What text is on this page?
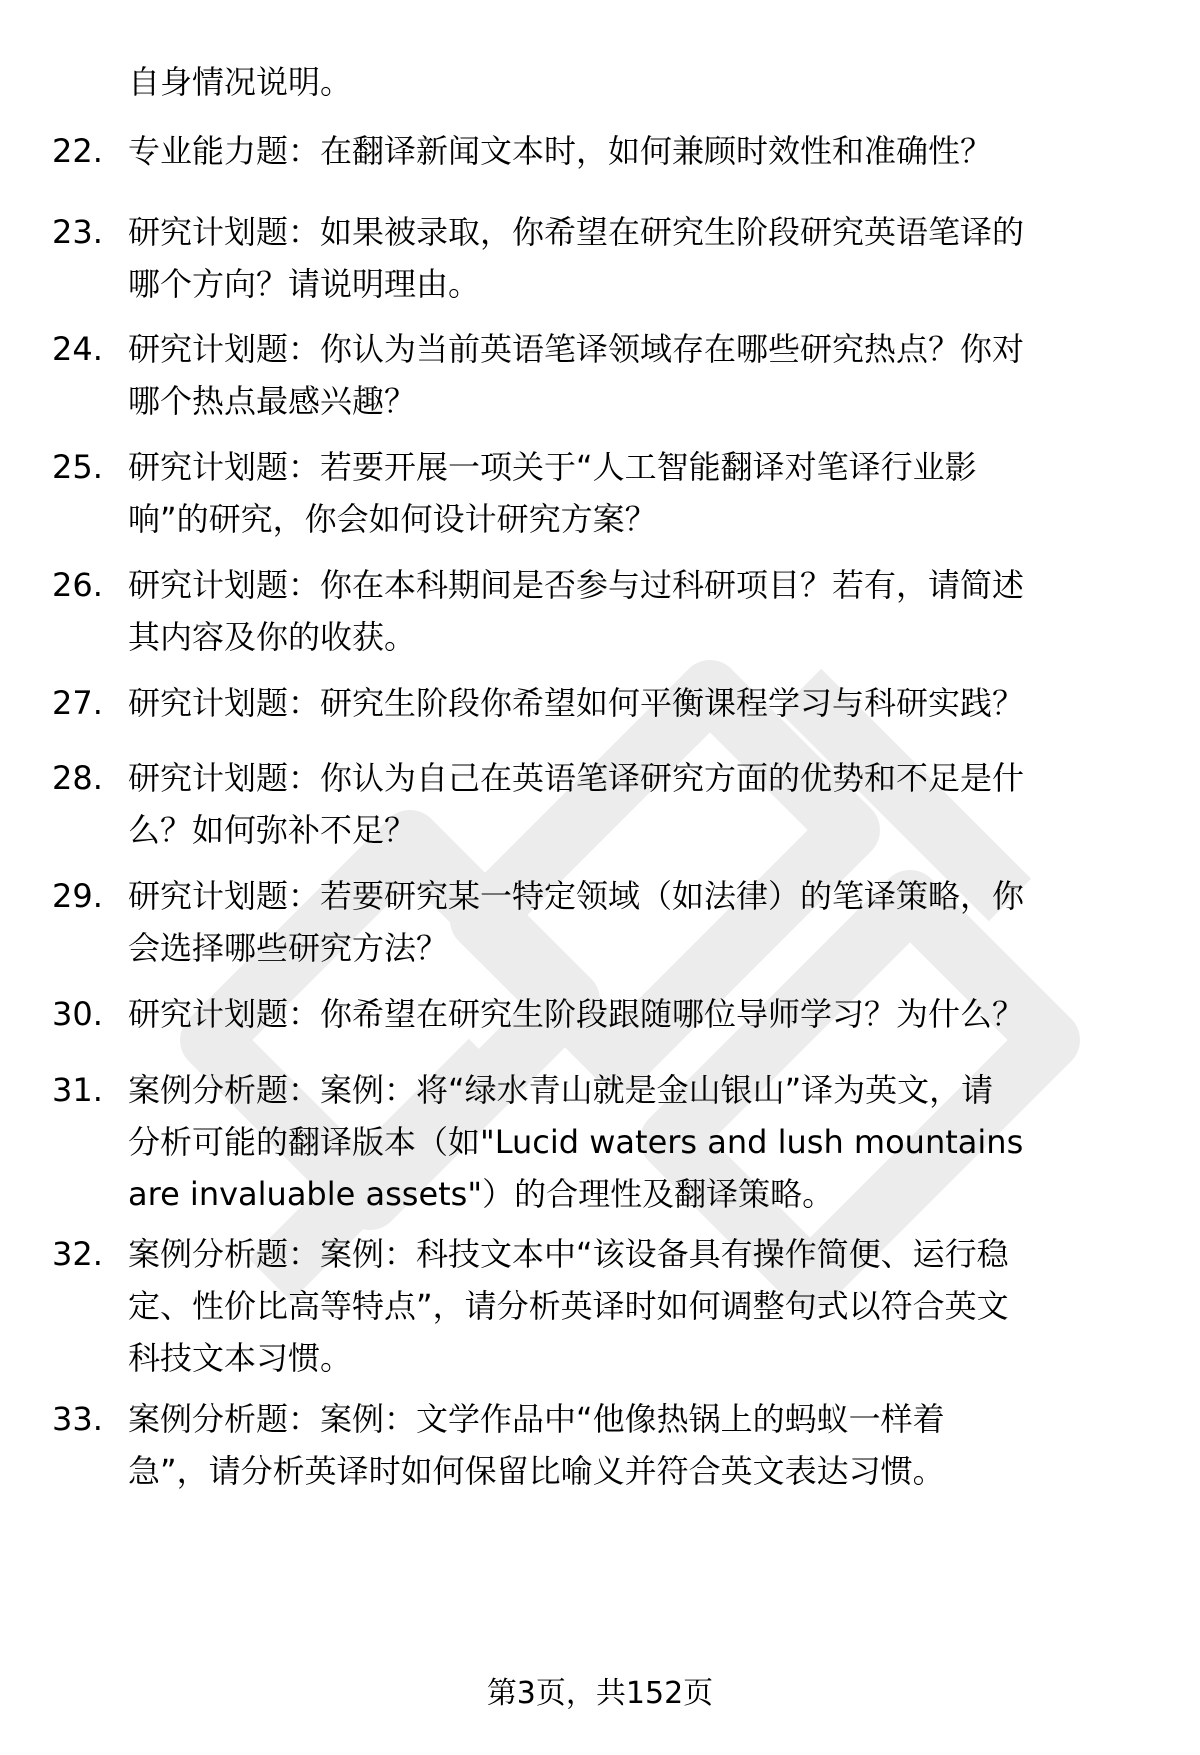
自身情况说明。
22. 专业能力题：在翻译新闻文本时，如何兼顾时效性和准确性？
23. 研究计划题：如果被录取，你希望在研究生阶段研究英语笔译的
哪个方向？请说明理由。
24. 研究计划题：你认为当前英语笔译领域存在哪些研究热点？你对
哪个热点最感兴趣？
25. 研究计划题：若要开展一项关于“人工智能翻译对笔译行业影
响”的研究，你会如何设计研究方案？
26. 研究计划题：你在本科期间是否参与过科研项目？若有，请简述
其内容及你的收获。
27. 研究计划题：研究生阶段你希望如何平衡课程学习与科研实践？
28. 研究计划题：你认为自己在英语笔译研究方面的优势和不足是什
么？如何弥补不足？
29. 研究计划题：若要研究某一特定领域（如法律）的笔译策略，你
会选择哪些研究方法？
30. 研究计划题：你希望在研究生阶段跟随哪位导师学习？为什么？
31. 案例分析题：案例：将“绿水青山就是金山银山”译为英文，请
分析可能的翻译版本（如"Lucid waters and lush mountains
are invaluable assets"）的合理性及翻译策略。
32. 案例分析题：案例：科技文本中“该设备具有操作简便、运行稳
定、性价比高等特点”，请分析英译时如何调整句式以符合英文
科技文本习惯。
33. 案例分析题：案例：文学作品中“他像热锅上的蚂蚁一样着
急”，请分析英译时如何保留比喻义并符合英文表达习惯。
第3页，共152页
